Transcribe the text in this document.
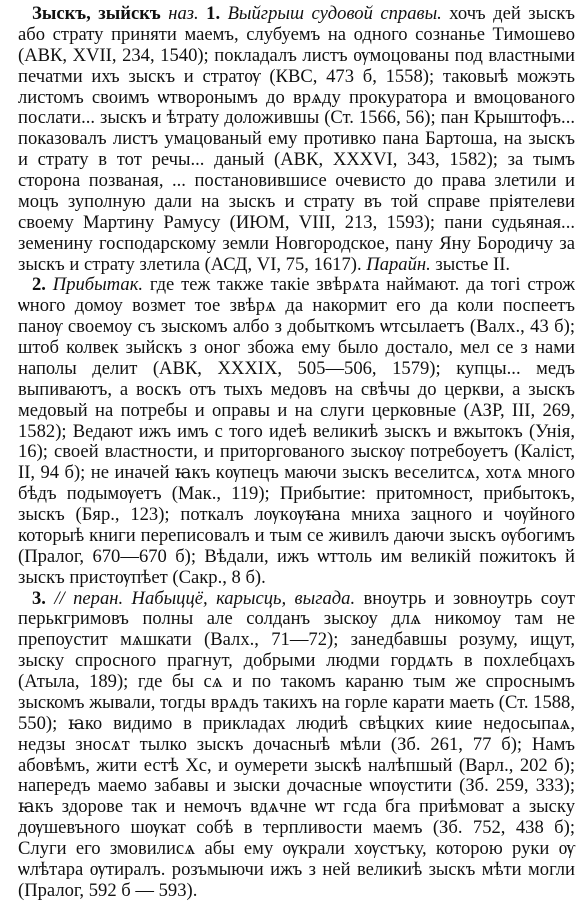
Зыскъ, зыйскъ наз. 1. Выйгрыш судовой справы. хочъ дей зыскъ або страту приняти маемъ, слубуемъ на одного сознанье Тимошево (АВК, XVII, 234, 1540); покладалъ листъ ѹмоцованы под властными печатми ихъ зыскъ и стратѹ (КВС, 473 б, 1558); таковыѣ можэть листомъ своимъ ѡтворонымъ до врѧду прокуратора и вмоцованого послати... зыскъ и ѣтрату доложившы (Ст. 1566, 56); пан Крыштофъ... показовалъ листъ умацованый ему противко пана Бартоша, на зыскъ и страту в тот речы... даный (АВК, XXXVI, 343, 1582); за тымъ сторона позваная, ... постановившисе очевисто до права злетили и моцъ зуполную дали на зыскъ и страту въ той справе пріятелеви своему Мартину Рамусу (ИЮМ, VIII, 213, 1593); пани судьяная... земенину господарскому земли Новгородское, пану Яну Бородичу за зыскъ и страту злетила (АСД, VI, 75, 1617). Парайн. зыстье II.

2. Прибытак. где теж также такіе звѣрѧта наймают. да тогі строж ѡного домоу возмет тое звѣрѧ да накормит его да коли поспеетъ панѹ своемоу съ зыскомъ албо з добыткомъ ѡтсылаетъ (Валх., 43 б); штоб колвек зыйскъ з оног збожа ему было достало, мел се з нами наполы делит (АВК, XXXIX, 505—506, 1579); купцы... медъ выпиваютъ, а воскъ отъ тыхъ медовъ на свѣчы до церкви, а зыскъ медовый на потребы и оправы и на слуги церковные (АЗР, III, 269, 1582); Ведают ижъ имъ с того идеѣ великиѣ зыскъ и вжытокъ (Унія, 16); своей властности, и приторгованого зыскѹ потребоуетъ (Каліст, II, 94 б); не иначей ꙗкъ кѹпецъ маючи зыскъ веселитсѧ, хотѧ много бѣдъ подымѹетъ (Мак., 119); Прибытие: притомност, прибытокъ, зыскъ (Бяр., 123); поткалъ лѹкѹꙗна мниха зацного и чѹйного которыѣ книги переписовалъ и тым се живилъ даючи зыскъ ѹбогимъ (Пралог, 670—670 б); Вѣдали, ижъ ѡттоль им великій пожитокъ й зыскъ пристѹпѣет (Сакр., 8 б).

3. // перан. Набыццё, карысць, выгада. вноутрь и зовноутрь соут перькгримовъ полны але солданъ зыскоу длѧ никомоу там не препоустит мѧшкати (Валх., 71—72); занедбавшы розуму, ищут, зыску спросного прагнут, добрыми людми гордѧть в похлебцахъ (Атыла, 189); где бы сѧ и по такомъ караню тым же спроснымъ зыскомъ жывали, тогды врѧдъ такихъ на горле карати маеть (Ст. 1588, 550); ꙗко видимо в прикладах людиѣ свѣцких киие недосыпаѧ, недзы зносѧт тылко зыскъ дочасныѣ мѣли (Зб. 261, 77 б); Намъ абовѣмъ, жити естѣ Хс, и оумерети зыскѣ налѣпшый (Варл., 202 б); напередъ маемо забавы и зыски дочасные ѡпѹстити (Зб. 259, 333); ꙗкъ здорове так и немочъ вдѧчне ѡт гсда бга приѣмоват а зыску дѹшевъного шѹкат собѣ в терпливости маемъ (Зб. 752, 438 б); Слуги его змовилисѧ абы ему ѹкрали хѹстъку, которою руки ѹ ѡлѣтара ѹтиралъ. розъмыючи ижъ з ней великиѣ зыскъ мѣти могли (Пралог, 592 б — 593).
